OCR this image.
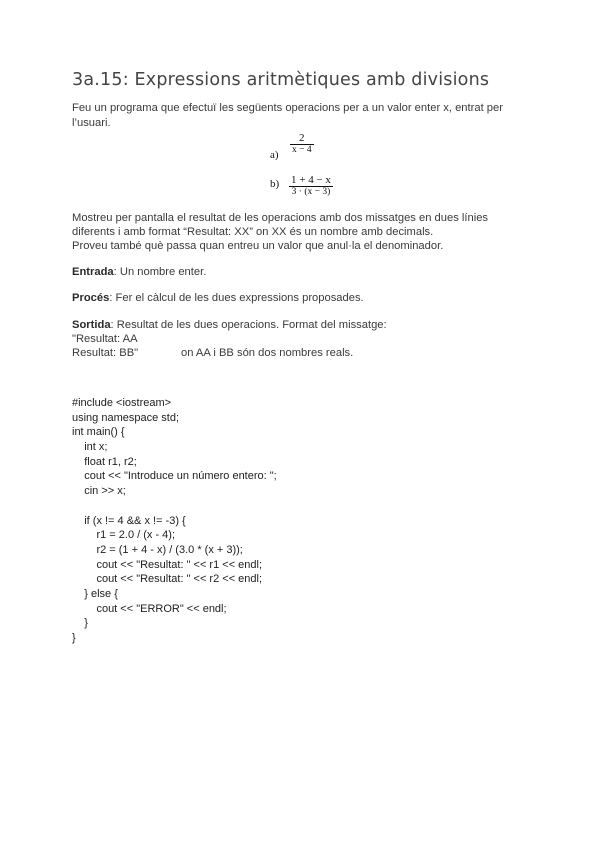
3a.15: Expressions aritmètiques amb divisions
Feu un programa que efectuï les següents operacions per a un valor enter x, entrat per
l’usuari.
a)
2
x − 4
b) 1 + 4 − x
3 · (x − 3)
Mostreu per pantalla el resultat de les operacions amb dos missatges en dues línies
diferents i amb format “Resultat: XX” on XX és un nombre amb decimals.
Proveu també què passa quan entreu un valor que anul·la el denominador.
Entrada: Un nombre enter.
Procés: Fer el càlcul de les dues expressions proposades.
Sortida: Resultat de les dues operacions. Format del missatge:
"Resultat: AA
Resultat: BB"	on AA i BB són dos nombres reals.
#include <iostream>
using namespace std;
int main() {
int x;
float r1, r2;
cout << "Introduce un número entero: ";
cin >> x;
if (x != 4 && x != -3) {
r1 = 2.0 / (x - 4);
r2 = (1 + 4 - x) / (3.0 * (x + 3));
cout << "Resultat: " << r1 << endl;
cout << "Resultat: " << r2 << endl;
} else {
cout << "ERROR" << endl;
}
}
